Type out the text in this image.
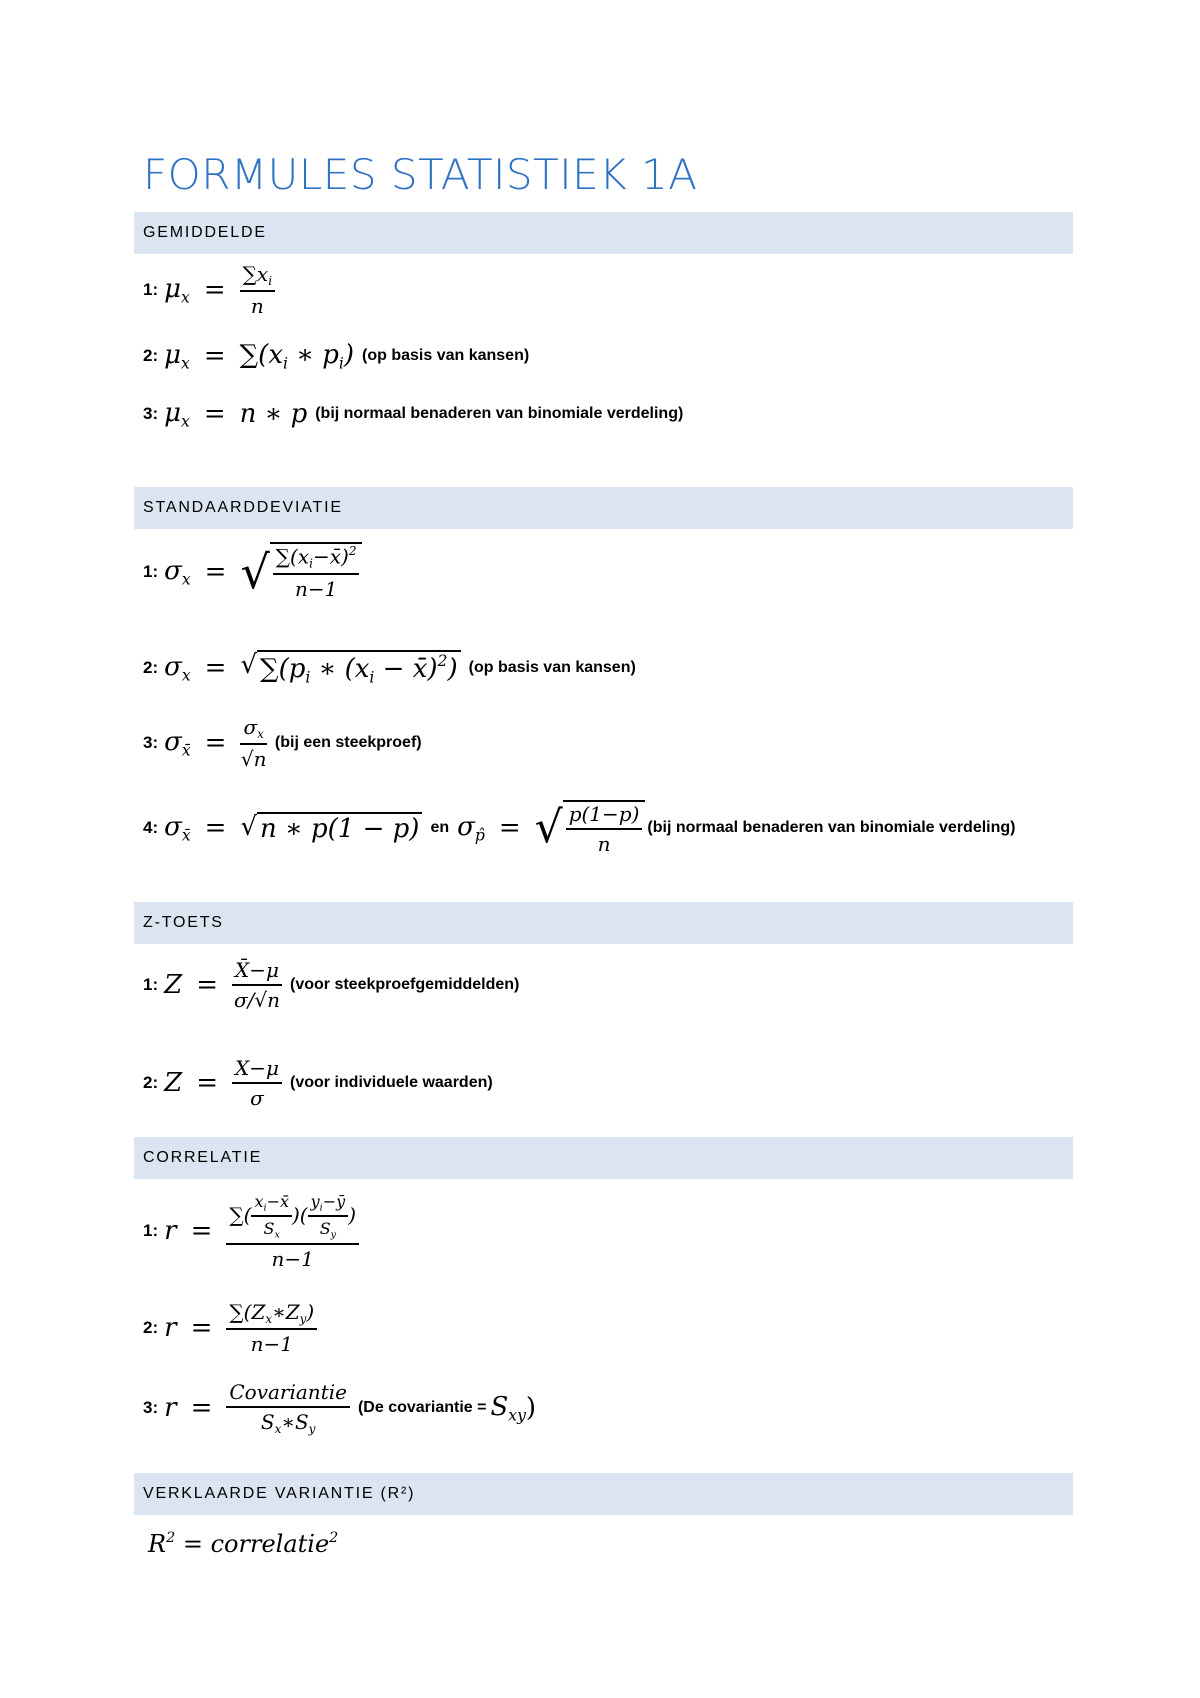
FORMULES STATISTIEK 1A
GEMIDDELDE
1: $\mu_x = \frac{\sum x_i}{n}$
2: $\mu_x = \sum(x_i$ ∗ $p_i$) (op basis van kansen)
3: $\mu_x = n$ ∗ p (bij normaal benaderen van binomiale verdeling)
STANDAARDDEVIATIE
1: $\sigma_x$ = √ $\frac{\sum(x_i-x̄)^2}{n-1}$
2: $\sigma_x$ = √ $\sum(p_i$ ∗ ($x_i$ − x̄)$^2$) (op basis van kansen)
3: $\sigma_{x̄} = \frac{\sigma_x}{√n} (bij$ een steekproef)
4: $\sigma_{x̄}$ = √ n ∗ p(1 − p) en $\sigma_{p̂}$ = √ $\frac{p(1-p)}{n} (bij$ normaal benaderen van binomiale verdeling)
Z-TOETS
1: $Z = \frac{X̄-\mu}{\sigma/√n}$ (voor steekproefgemiddelden)
2: $Z = \frac{X-\mu}{\sigma}$ (voor individuele waarden)
CORRELATIE
1: $r = \frac{\sum( \frac{x_i-x̄}{S_x} )( \frac{y_i-ȳ}{S_y} )}{n-1}$
2: $r = \frac{\sum(Z_x∗Z_y)}{n-1}$
3: $r = \frac{\text{Covariantie}}{S_x∗S_y} (De$ covariantie = $S_{xy}$ )
VERKLAARDE VARIANTIE (R²)
$R^2$ = correlatie$^2$
